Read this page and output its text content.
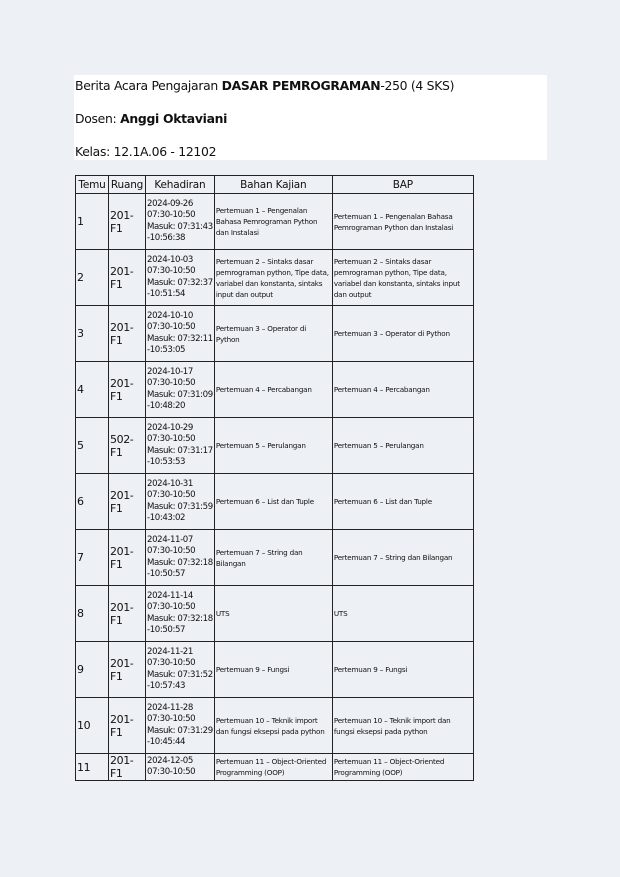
Berita Acara Pengajaran DASAR PEMROGRAMAN-250 (4 SKS)
Dosen: Anggi Oktaviani
Kelas: 12.1A.06 - 12102
Temu	Ruang	Kehadiran	Bahan Kajian	BAP
1	201-F1	2024-09-26
07:30-10:50
Masuk: 07:31:43
-10:56:38	Pertemuan 1 – Pengenalan Bahasa Pemrograman Python dan Instalasi	Pertemuan 1 – Pengenalan Bahasa Pemrograman Python dan Instalasi
2	201-F1	2024-10-03
07:30-10:50
Masuk: 07:32:37
-10:51:54	Pertemuan 2 – Sintaks dasar pemrograman python, Tipe data, variabel dan konstanta, sintaks input dan output	Pertemuan 2 – Sintaks dasar pemrograman python, Tipe data, variabel dan konstanta, sintaks input dan output
3	201-F1	2024-10-10
07:30-10:50
Masuk: 07:32:11
-10:53:05	Pertemuan 3 – Operator di Python	Pertemuan 3 – Operator di Python
4	201-F1	2024-10-17
07:30-10:50
Masuk: 07:31:09
-10:48:20	Pertemuan 4 – Percabangan	Pertemuan 4 – Percabangan
5	502-F1	2024-10-29
07:30-10:50
Masuk: 07:31:17
-10:53:53	Pertemuan 5 – Perulangan	Pertemuan 5 – Perulangan
6	201-F1	2024-10-31
07:30-10:50
Masuk: 07:31:59
-10:43:02	Pertemuan 6 – List dan Tuple	Pertemuan 6 – List dan Tuple
7	201-F1	2024-11-07
07:30-10:50
Masuk: 07:32:18
-10:50:57	Pertemuan 7 – String dan Bilangan	Pertemuan 7 – String dan Bilangan
8	201-F1	2024-11-14
07:30-10:50
Masuk: 07:32:18
-10:50:57	UTS	UTS
9	201-F1	2024-11-21
07:30-10:50
Masuk: 07:31:52
-10:57:43	Pertemuan 9 – Fungsi	Pertemuan 9 – Fungsi
10	201-F1	2024-11-28
07:30-10:50
Masuk: 07:31:29
-10:45:44	Pertemuan 10 – Teknik import dan fungsi eksepsi pada python	Pertemuan 10 – Teknik import dan fungsi eksepsi pada python
11	201-F1	2024-12-05
07:30-10:50	Pertemuan 11 – Object-Oriented Programming (OOP)	Pertemuan 11 – Object-Oriented Programming (OOP)
